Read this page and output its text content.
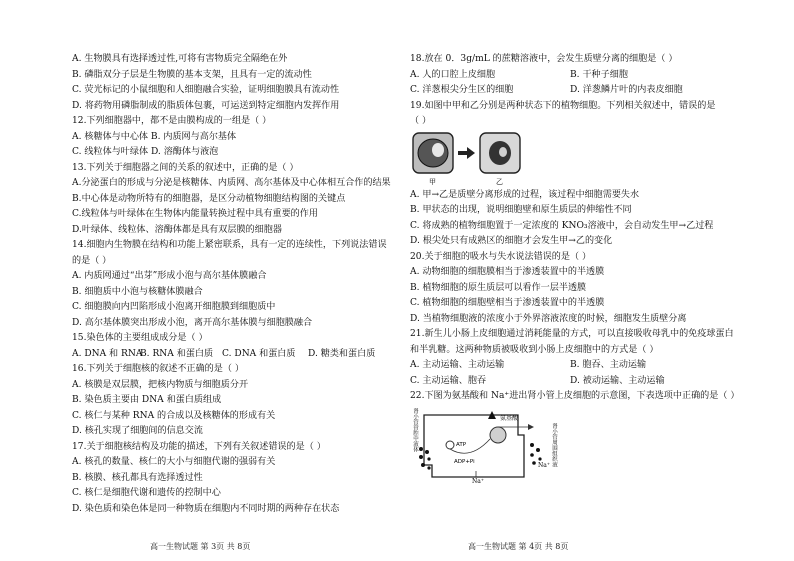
A. 生物膜具有选择透过性,可将有害物质完全隔绝在外
B. 磷脂双分子层是生物膜的基本支架，且具有一定的流动性
C. 荧光标记的小鼠细胞和人细胞融合实验，证明细胞膜具有流动性
D. 将药物用磷脂制成的脂质体包裹，可运送到特定细胞内发挥作用
12.下列细胞器中，都不是由膜构成的一组是（ ）
A. 核糖体与中心体 B. 内质网与高尔基体
C. 线粒体与叶绿体 D. 溶酶体与液泡
13.下列关于细胞器之间的关系的叙述中，正确的是（ ）
A.分泌蛋白的形成与分泌是核糖体、内质网、高尔基体及中心体相互合作的结果
B.中心体是动物所特有的细胞器，是区分动植物细胞结构图的关键点
C.线粒体与叶绿体在生物体内能量转换过程中具有重要的作用
D.叶绿体、线粒体、溶酶体都是具有双层膜的细胞器
14.细胞内生物膜在结构和功能上紧密联系，具有一定的连续性，下列说法错误
的是（ ）
A. 内质网通过“出芽”形成小泡与高尔基体膜融合
B. 细胞质中小泡与核糖体膜融合
C. 细胞膜向内凹陷形成小泡离开细胞膜到细胞质中
D. 高尔基体膜突出形成小泡，离开高尔基体膜与细胞膜融合
15.染色体的主要组成成分是（ ）
A. DNA 和 RNA
B. RNA 和蛋白质 C. DNA 和蛋白质	D. 糖类和蛋白质
16.下列关于细胞核的叙述不正确的是（ ）
A. 核膜是双层膜，把核内物质与细胞质分开
B. 染色质主要由 DNA 和蛋白质组成
C. 核仁与某种 RNA 的合成以及核糖体的形成有关
D. 核孔实现了细胞间的信息交流
17.关于细胞核结构及功能的描述，下列有关叙述错误的是（ ）
A. 核孔的数量、核仁的大小与细胞代谢的强弱有关
B. 核膜、核孔都具有选择透过性
C. 核仁是细胞代谢和遗传的控制中心
D. 染色质和染色体是同一种物质在细胞内不同时期的两种存在状态
高一生物试题 第 3页 共 8页
18.放在 0．3g/mL 的蔗糖溶液中，会发生质壁分离的细胞是（ ）
A. 人的口腔上皮细胞	B. 干种子细胞
C. 洋葱根尖分生区的细胞	D. 洋葱鳞片叶的内表皮细胞
19.如图中甲和乙分别是两种状态下的植物细胞。下列相关叙述中，错误的是
（ ）
甲	乙
A. 甲→乙是质壁分离形成的过程，该过程中细胞需要失水
B. 甲状态的出现，说明细胞壁和原生质层的伸缩性不同
C. 将成熟的植物细胞置于一定浓度的 KNO₃溶液中，会自动发生甲→乙过程
D. 根尖处只有成熟区的细胞才会发生甲→乙的变化
20.关于细胞的吸水与失水说法错误的是（ ）
A. 动物细胞的细胞膜相当于渗透装置中的半透膜
B. 植物细胞的原生质层可以看作一层半透膜
C. 植物细胞的细胞壁相当于渗透装置中的半透膜
D. 当植物细胞液的浓度小于外界溶液浓度的时候，细胞发生质壁分离
21.新生儿小肠上皮细胞通过消耗能量的方式，可以直接吸收母乳中的免疫球蛋白
和半乳糖。这两种物质被吸收到小肠上皮细胞中的方式是（ ）
A. 主动运输、主动运输	B. 胞吞、主动运输
C. 主动运输、胞吞	D. 被动运输、主动运输
22.下图为氨基酸和 Na⁺进出肾小管上皮细胞的示意图，下表选项中正确的是（ ）
肾小管管腔中液体	肾小管周围组织液
ATP
ADP+Pi
氨基酸
Na⁺
Na⁺
高一生物试题 第 4页 共 8页
